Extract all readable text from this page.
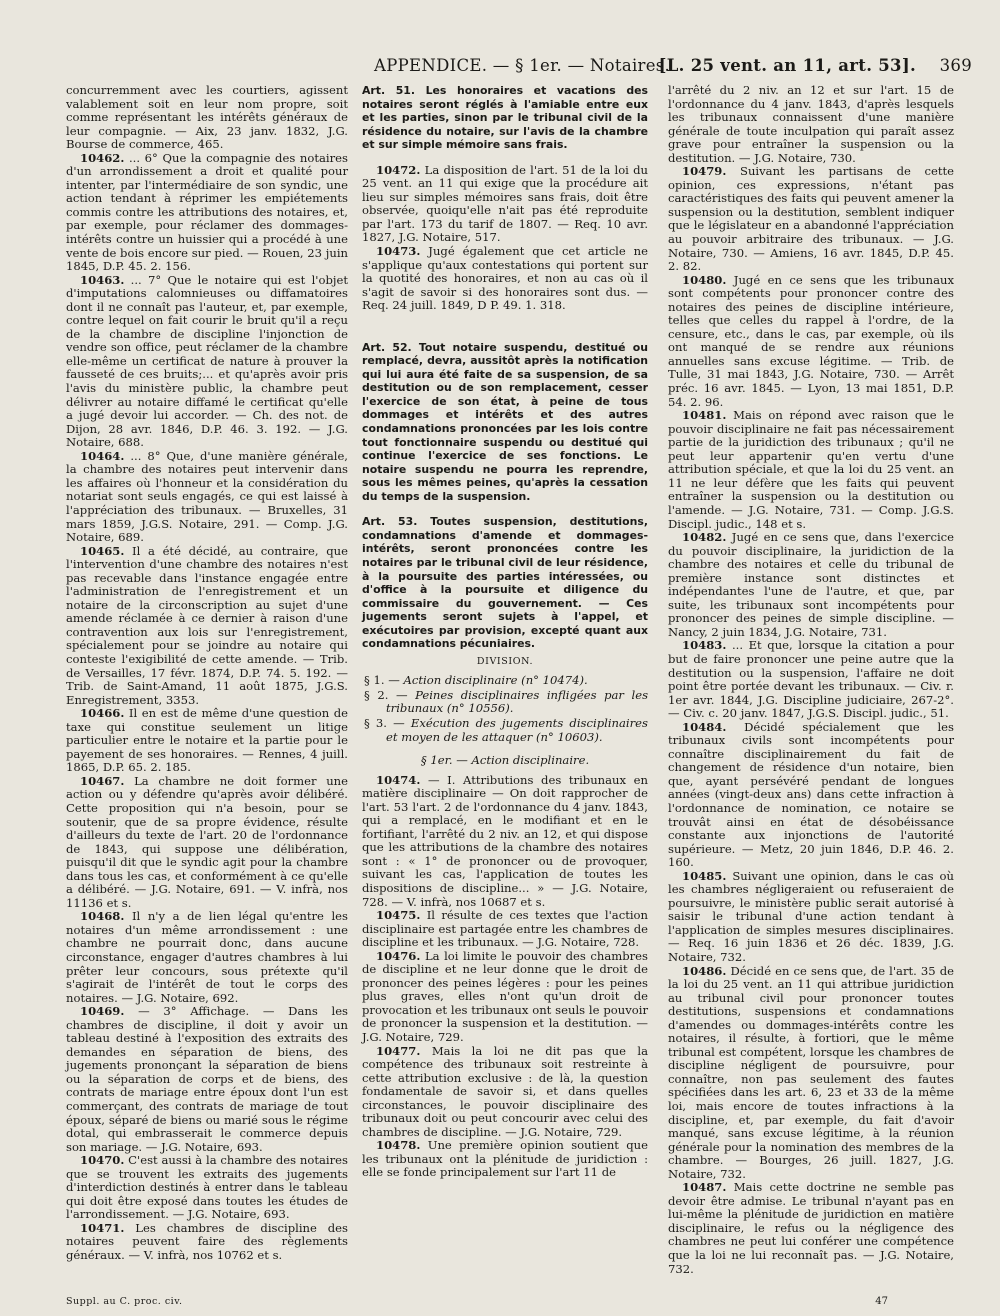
APPENDICE. — § 1er. — Notaires.
[L. 25 vent. an 11, art. 53]. 369

concurremment avec les courtiers, agissent valablement soit en leur nom propre, soit comme représentant les intérêts généraux de leur compagnie. — Aix, 23 janv. 1832, J.G. Bourse de commerce, 465.

10462. ... 6° Que la compagnie des notaires d'un arrondissement a droit et qualité pour intenter, par l'intermédiaire de son syndic, une action tendant à réprimer les empiétements commis contre les attributions des notaires, et, par exemple, pour réclamer des dommages-intérêts contre un huissier qui a procédé à une vente de bois encore sur pied. — Rouen, 23 juin 1845, D.P. 45. 2. 156.

10463. ... 7° Que le notaire qui est l'objet d'imputations calomnieuses ou diffamatoires dont il ne connaît pas l'auteur, et, par exemple, contre lequel on fait courir le bruit qu'il a reçu de la chambre de discipline l'injonction de vendre son office, peut réclamer de la chambre elle-même un certificat de nature à prouver la fausseté de ces bruits;... et qu'après avoir pris l'avis du ministère public, la chambre peut délivrer au notaire diffamé le certificat qu'elle a jugé devoir lui accorder. — Ch. des not. de Dijon, 28 avr. 1846, D.P. 46. 3. 192. — J.G. Notaire, 688.

10464. ... 8° Que, d'une manière générale, la chambre des notaires peut intervenir dans les affaires où l'honneur et la considération du notariat sont seuls engagés, ce qui est laissé à l'appréciation des tribunaux. — Bruxelles, 31 mars 1859, J.G.S. Notaire, 291. — Comp. J.G. Notaire, 689.

10465. Il a été décidé, au contraire, que l'intervention d'une chambre des notaires n'est pas recevable dans l'instance engagée entre l'administration de l'enregistrement et un notaire de la circonscription au sujet d'une amende réclamée à ce dernier à raison d'une contravention aux lois sur l'enregistrement, spécialement pour se joindre au notaire qui conteste l'exigibilité de cette amende. — Trib. de Versailles, 17 févr. 1874, D.P. 74. 5. 192. — Trib. de Saint-Amand, 11 août 1875, J.G.S. Enregistrement, 3353.

10466. Il en est de même d'une question de taxe qui constitue seulement un litige particulier entre le notaire et la partie pour le payement de ses honoraires. — Rennes, 4 juill. 1865, D.P. 65. 2. 185.

10467. La chambre ne doit former une action ou y défendre qu'après avoir délibéré. Cette proposition qui n'a besoin, pour se soutenir, que de sa propre évidence, résulte d'ailleurs du texte de l'art. 20 de l'ordonnance de 1843, qui suppose une délibération, puisqu'il dit que le syndic agit pour la chambre dans tous les cas, et conformément à ce qu'elle a délibéré. — J.G. Notaire, 691. — V. infrà, nos 11136 et s.

10468. Il n'y a de lien légal qu'entre les notaires d'un même arrondissement : une chambre ne pourrait donc, dans aucune circonstance, engager d'autres chambres à lui prêter leur concours, sous prétexte qu'il s'agirait de l'intérêt de tout le corps des notaires. — J.G. Notaire, 692.

10469. — 3° Affichage. — Dans les chambres de discipline, il doit y avoir un tableau destiné à l'exposition des extraits des demandes en séparation de biens, des jugements prononçant la séparation de biens ou la séparation de corps et de biens, des contrats de mariage entre époux dont l'un est commerçant, des contrats de mariage de tout époux, séparé de biens ou marié sous le régime dotal, qui embrasserait le commerce depuis son mariage. — J.G. Notaire, 693.

10470. C'est aussi à la chambre des notaires que se trouvent les extraits des jugements d'interdiction destinés à entrer dans le tableau qui doit être exposé dans toutes les études de l'arrondissement. — J.G. Notaire, 693.

10471. Les chambres de discipline des notaires peuvent faire des règlements généraux. — V. infrà, nos 10762 et s.

Art. 51. Les honoraires et vacations des notaires seront réglés à l'amiable entre eux et les parties, sinon par le tribunal civil de la résidence du notaire, sur l'avis de la chambre et sur simple mémoire sans frais.

10472. La disposition de l'art. 51 de la loi du 25 vent. an 11 qui exige que la procédure ait lieu sur simples mémoires sans frais, doit être observée, quoiqu'elle n'ait pas été reproduite par l'art. 173 du tarif de 1807. — Req. 10 avr. 1827, J.G. Notaire, 517.

10473. Jugé également que cet article ne s'applique qu'aux contestations qui portent sur la quotité des honoraires, et non au cas où il s'agit de savoir si des honoraires sont dus. — Req. 24 juill. 1849, D P. 49. 1. 318.

Art. 52. Tout notaire suspendu, destitué ou remplacé, devra, aussitôt après la notification qui lui aura été faite de sa suspension, de sa destitution ou de son remplacement, cesser l'exercice de son état, à peine de tous dommages et intérêts et des autres condamnations prononcées par les lois contre tout fonctionnaire suspendu ou destitué qui continue l'exercice de ses fonctions. Le notaire suspendu ne pourra les reprendre, sous les mêmes peines, qu'après la cessation du temps de la suspension.

Art. 53. Toutes suspension, destitutions, condamnations d'amende et dommages-intérêts, seront prononcées contre les notaires par le tribunal civil de leur résidence, à la poursuite des parties intéressées, ou d'office à la poursuite et diligence du commissaire du gouvernement. — Ces jugements seront sujets à l'appel, et exécutoires par provision, excepté quant aux condamnations pécuniaires.

DIVISION.
§ 1. — Action disciplinaire (n° 10474).
§ 2. — Peines disciplinaires infligées par les tribunaux (n° 10556).
§ 3. — Exécution des jugements disciplinaires et moyen de les attaquer (n° 10603).
§ 1er. — Action disciplinaire.

10474. — I. Attributions des tribunaux en matière disciplinaire — On doit rapprocher de l'art. 53 l'art. 2 de l'ordonnance du 4 janv. 1843, qui a remplacé, en le modifiant et en le fortifiant, l'arrêté du 2 niv. an 12, et qui dispose que les attributions de la chambre des notaires sont : « 1° de prononcer ou de provoquer, suivant les cas, l'application de toutes les dispositions de discipline... » — J.G. Notaire, 728. — V. infrà, nos 10687 et s.

10475. Il résulte de ces textes que l'action disciplinaire est partagée entre les chambres de discipline et les tribunaux. — J.G. Notaire, 728.

10476. La loi limite le pouvoir des chambres de discipline et ne leur donne que le droit de prononcer des peines légères : pour les peines plus graves, elles n'ont qu'un droit de provocation et les tribunaux ont seuls le pouvoir de prononcer la suspension et la destitution. — J.G. Notaire, 729.

10477. Mais la loi ne dit pas que la compétence des tribunaux soit restreinte à cette attribution exclusive : de là, la question fondamentale de savoir si, et dans quelles circonstances, le pouvoir disciplinaire des tribunaux doit ou peut concourir avec celui des chambres de discipline. — J.G. Notaire, 729.

10478. Une première opinion soutient que les tribunaux ont la plénitude de juridiction : elle se fonde principalement sur l'art 11 de

l'arrêté du 2 niv. an 12 et sur l'art. 15 de l'ordonnance du 4 janv. 1843, d'après lesquels les tribunaux connaissent d'une manière générale de toute inculpation qui paraît assez grave pour entraîner la suspension ou la destitution. — J.G. Notaire, 730.

10479. Suivant les partisans de cette opinion, ces expressions, n'étant pas caractéristiques des faits qui peuvent amener la suspension ou la destitution, semblent indiquer que le législateur en a abandonné l'appréciation au pouvoir arbitraire des tribunaux. — J.G. Notaire, 730. — Amiens, 16 avr. 1845, D.P. 45. 2. 82.

10480. Jugé en ce sens que les tribunaux sont compétents pour prononcer contre des notaires des peines de discipline intérieure, telles que celles du rappel à l'ordre, de la censure, etc., dans le cas, par exemple, où ils ont manqué de se rendre aux réunions annuelles sans excuse légitime. — Trib. de Tulle, 31 mai 1843, J.G. Notaire, 730. — Arrêt préc. 16 avr. 1845. — Lyon, 13 mai 1851, D.P. 54. 2. 96.

10481. Mais on répond avec raison que le pouvoir disciplinaire ne fait pas nécessairement partie de la juridiction des tribunaux ; qu'il ne peut leur appartenir qu'en vertu d'une attribution spéciale, et que la loi du 25 vent. an 11 ne leur défère que les faits qui peuvent entraîner la suspension ou la destitution ou l'amende. — J.G. Notaire, 731. — Comp. J.G.S. Discipl. judic., 148 et s.

10482. Jugé en ce sens que, dans l'exercice du pouvoir disciplinaire, la juridiction de la chambre des notaires et celle du tribunal de première instance sont distinctes et indépendantes l'une de l'autre, et que, par suite, les tribunaux sont incompétents pour prononcer des peines de simple discipline. — Nancy, 2 juin 1834, J.G. Notaire, 731.

10483. ... Et que, lorsque la citation a pour but de faire prononcer une peine autre que la destitution ou la suspension, l'affaire ne doit point être portée devant les tribunaux. — Civ. r. 1er avr. 1844, J.G. Discipline judiciaire, 267-2°. — Civ. c. 20 janv. 1847, J.G.S. Discipl. judic., 51.

10484. Décidé spécialement que les tribunaux civils sont incompétents pour connaître disciplinairement du fait de changement de résidence d'un notaire, bien que, ayant persévéré pendant de longues années (vingt-deux ans) dans cette infraction à l'ordonnance de nomination, ce notaire se trouvât ainsi en état de désobéissance constante aux injonctions de l'autorité supérieure. — Metz, 20 juin 1846, D.P. 46. 2. 160.

10485. Suivant une opinion, dans le cas où les chambres négligeraient ou refuseraient de poursuivre, le ministère public serait autorisé à saisir le tribunal d'une action tendant à l'application de simples mesures disciplinaires. — Req. 16 juin 1836 et 26 déc. 1839, J.G. Notaire, 732.

10486. Décidé en ce sens que, de l'art. 35 de la loi du 25 vent. an 11 qui attribue juridiction au tribunal civil pour prononcer toutes destitutions, suspensions et condamnations d'amendes ou dommages-intérêts contre les notaires, il résulte, à fortiori, que le même tribunal est compétent, lorsque les chambres de discipline négligent de poursuivre, pour connaître, non pas seulement des fautes spécifiées dans les art. 6, 23 et 33 de la même loi, mais encore de toutes infractions à la discipline, et, par exemple, du fait d'avoir manqué, sans excuse légitime, à la réunion générale pour la nomination des membres de la chambre. — Bourges, 26 juill. 1827, J.G. Notaire, 732.

10487. Mais cette doctrine ne semble pas devoir être admise. Le tribunal n'ayant pas en lui-même la plénitude de juridiction en matière disciplinaire, le refus ou la négligence des chambres ne peut lui conférer une compétence que la loi ne lui reconnaît pas. — J.G. Notaire, 732.

Suppl. au C. proc. civ.	47
